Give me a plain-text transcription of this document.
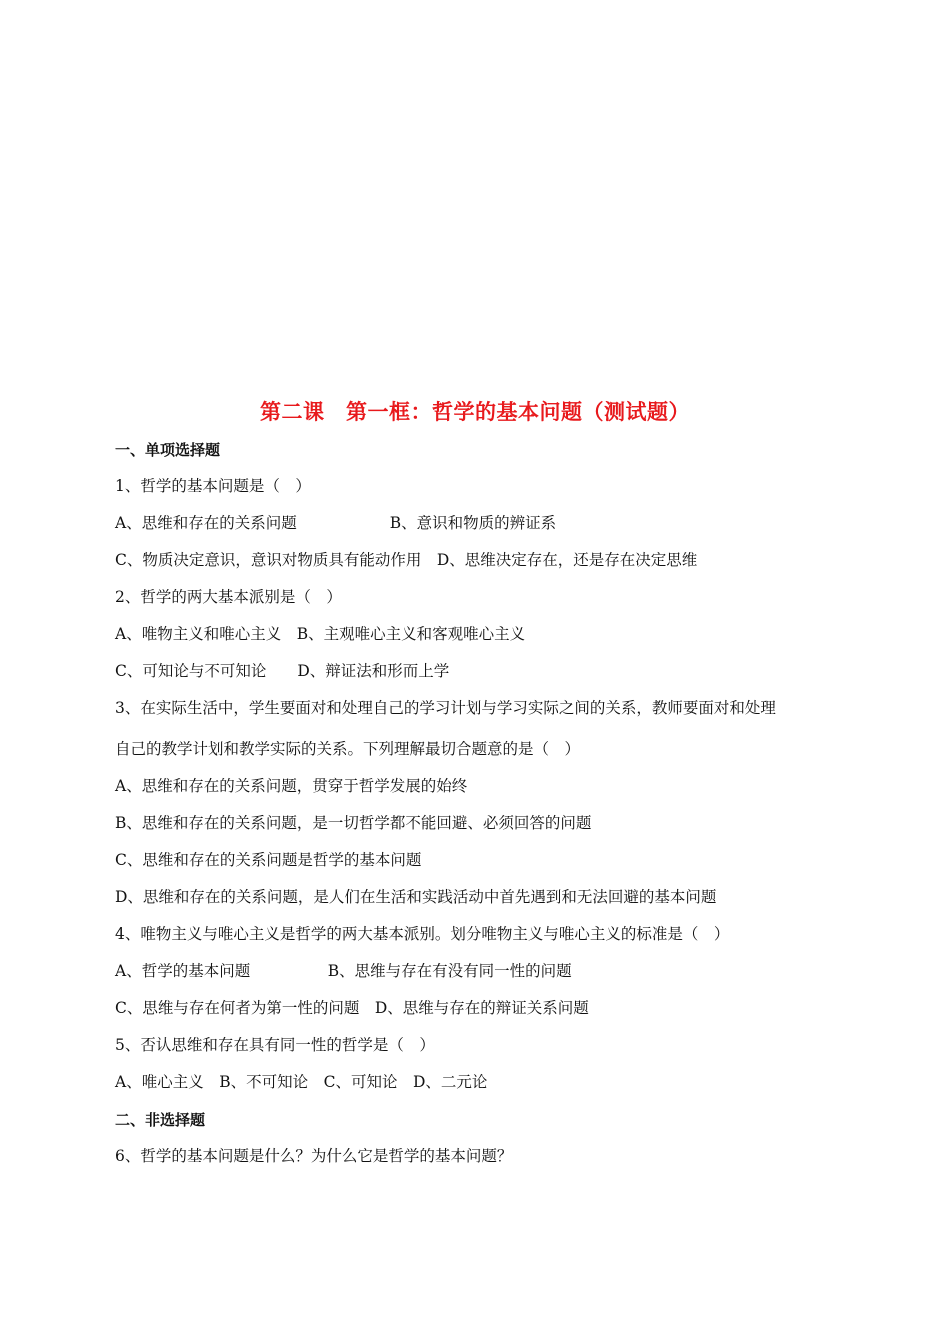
第二课　第一框：哲学的基本问题（测试题）
一、单项选择题
1、哲学的基本问题是（　）
A、思维和存在的关系问题　　　　　　B、意识和物质的辨证系
C、物质决定意识，意识对物质具有能动作用　D、思维决定存在，还是存在决定思维
2、哲学的两大基本派别是（　）
A、唯物主义和唯心主义　B、主观唯心主义和客观唯心主义
C、可知论与不可知论　　D、辩证法和形而上学
3、在实际生活中，学生要面对和处理自己的学习计划与学习实际之间的关系，教师要面对和处理
自己的教学计划和教学实际的关系。下列理解最切合题意的是（　）
A、思维和存在的关系问题，贯穿于哲学发展的始终
B、思维和存在的关系问题，是一切哲学都不能回避、必须回答的问题
C、思维和存在的关系问题是哲学的基本问题
D、思维和存在的关系问题，是人们在生活和实践活动中首先遇到和无法回避的基本问题
4、唯物主义与唯心主义是哲学的两大基本派别。划分唯物主义与唯心主义的标准是（　）
A、哲学的基本问题　　　　　B、思维与存在有没有同一性的问题
C、思维与存在何者为第一性的问题　D、思维与存在的辩证关系问题
5、否认思维和存在具有同一性的哲学是（　）
A、唯心主义　B、不可知论　C、可知论　D、二元论
二、非选择题
6、哲学的基本问题是什么？为什么它是哲学的基本问题？
